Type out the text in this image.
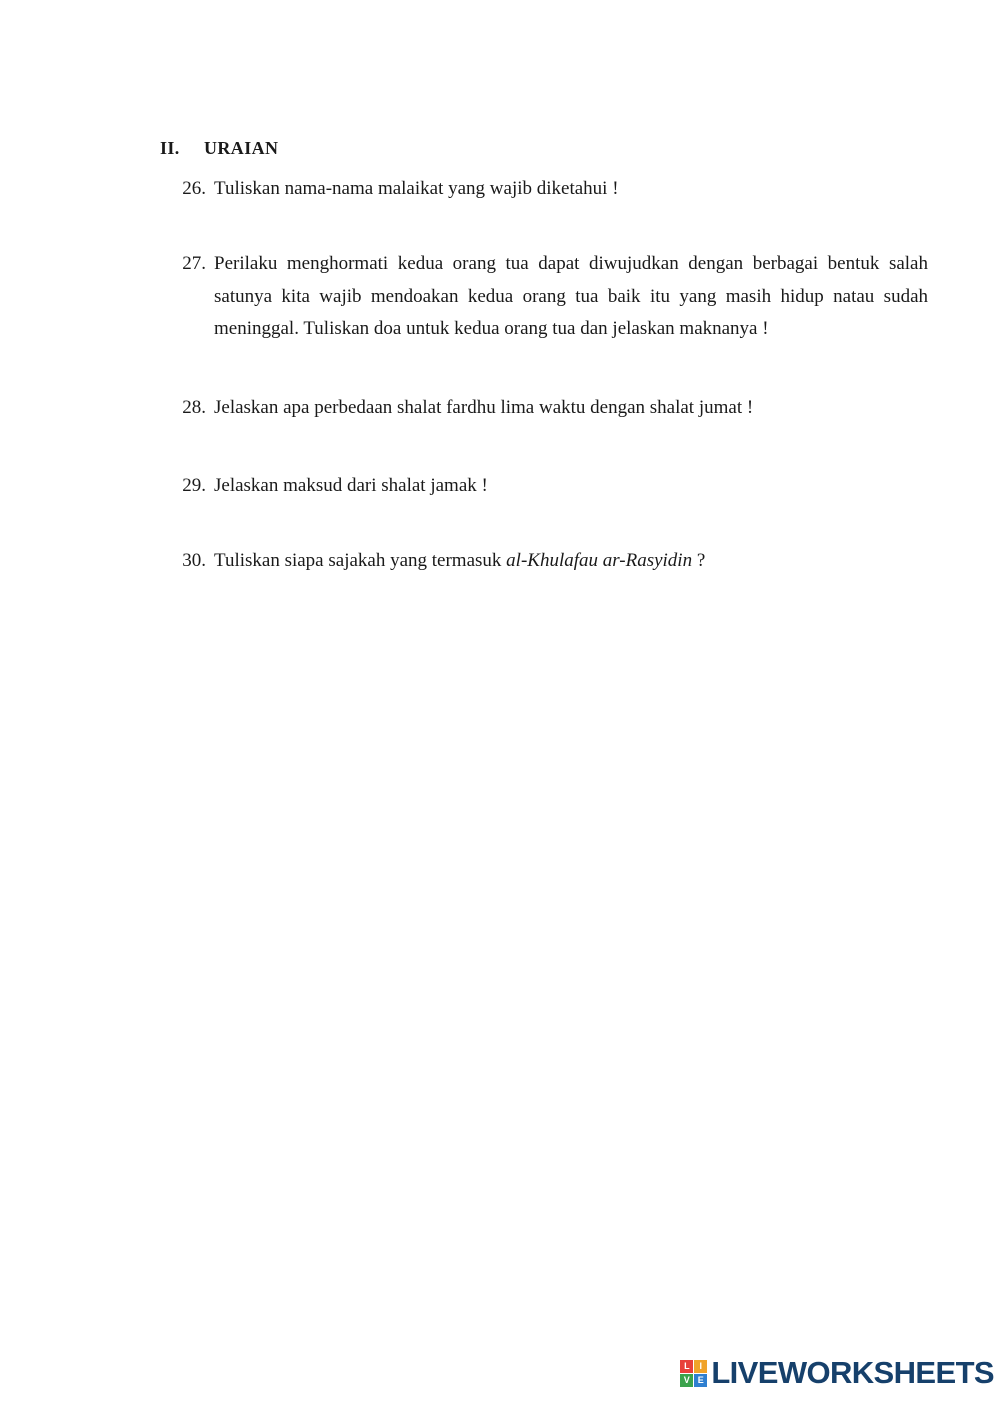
II. URAIAN
26. Tuliskan nama-nama malaikat yang wajib diketahui !
27. Perilaku menghormati kedua orang tua dapat diwujudkan dengan berbagai bentuk salah satunya kita wajib mendoakan kedua orang tua baik itu yang masih hidup natau sudah meninggal. Tuliskan doa untuk kedua orang tua dan jelaskan maknanya !
28. Jelaskan apa perbedaan shalat fardhu lima waktu dengan shalat jumat !
29. Jelaskan maksud dari shalat jamak !
30. Tuliskan siapa sajakah yang termasuk al-Khulafau ar-Rasyidin ?
L	I
V E LIVEWORKSHEETS
